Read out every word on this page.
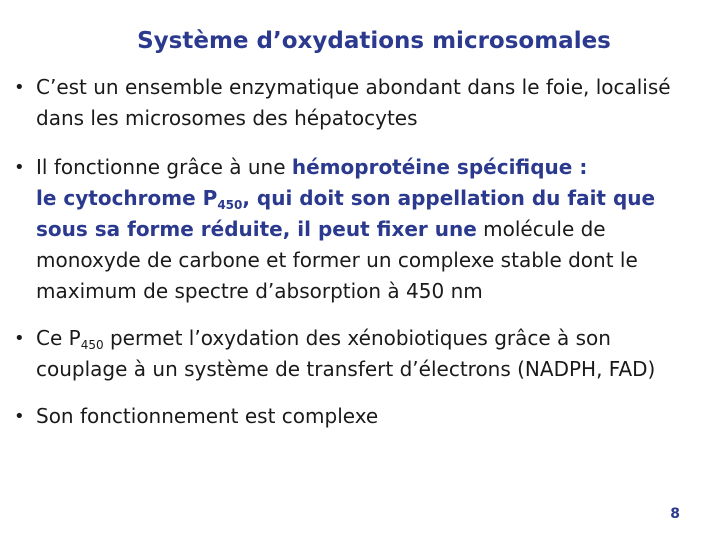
Système d’oxydations microsomales
• C’est un ensemble enzymatique abondant dans le foie, localisé dans les microsomes des hépatocytes
• Il fonctionne grâce à une hémoprotéine spécifique :
le cytochrome $P_{450}$, qui doit son appellation du fait que sous sa forme réduite, il peut fixer une molécule de monoxyde de carbone et former un complexe stable dont le maximum de spectre d’absorption à 450 nm
• Ce $P_{450}$ permet l’oxydation des xénobiotiques grâce à son couplage à un système de transfert d’électrons (NADPH, FAD)
• Son fonctionnement est complexe
8
